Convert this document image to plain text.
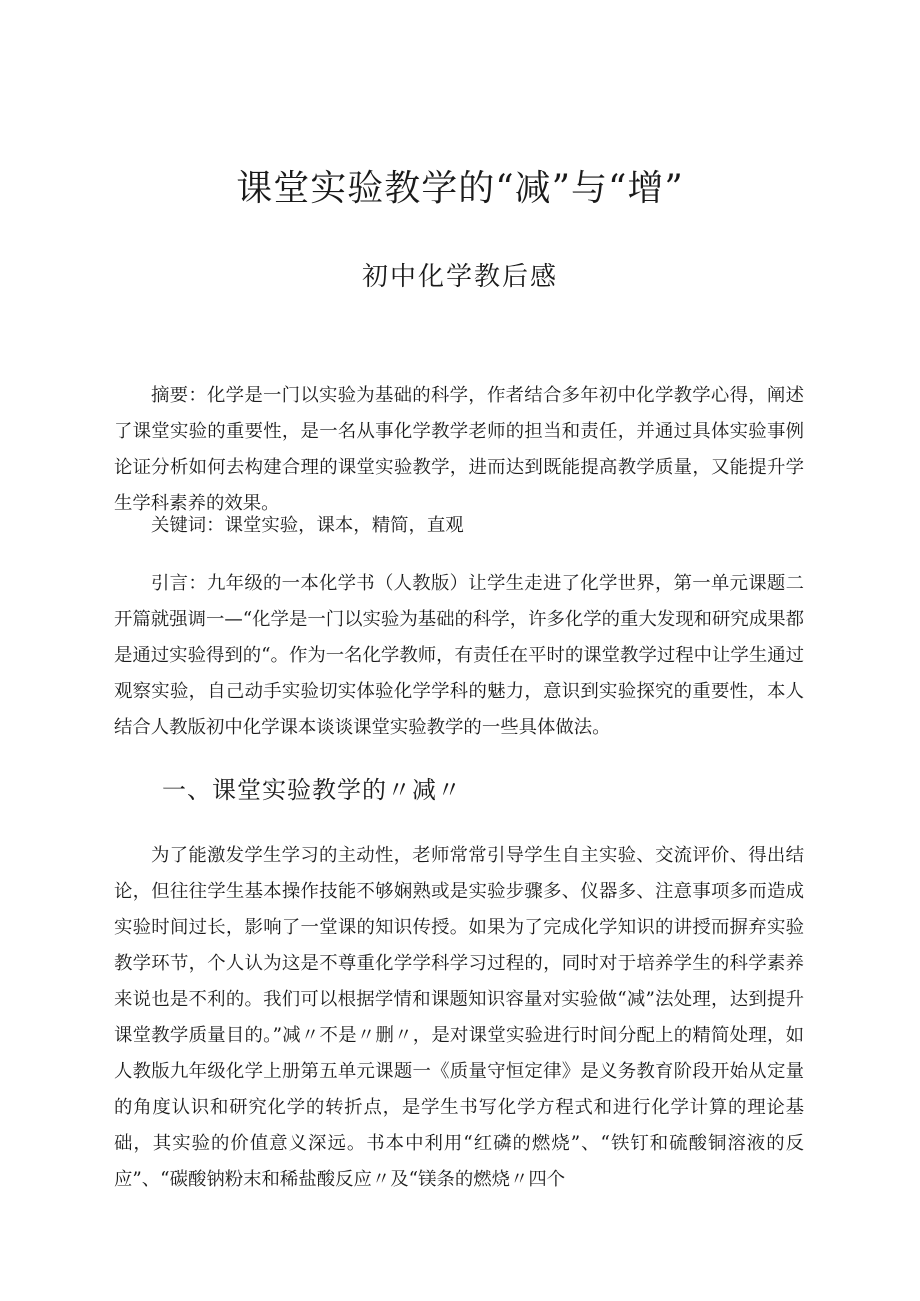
课堂实验教学的“减”与“增”
初中化学教后感

摘要：化学是一门以实验为基础的科学，作者结合多年初中化学教学心得，阐述了课堂实验的重要性，是一名从事化学教学老师的担当和责任，并通过具体实验事例论证分析如何去构建合理的课堂实验教学，进而达到既能提高教学质量，又能提升学生学科素养的效果。

关键词：课堂实验，课本，精简，直观

引言：九年级的一本化学书（人教版）让学生走进了化学世界，第一单元课题二开篇就强调一—“化学是一门以实验为基础的科学，许多化学的重大发现和研究成果都是通过实验得到的“。作为一名化学教师，有责任在平时的课堂教学过程中让学生通过观察实验，自己动手实验切实体验化学学科的魅力，意识到实验探究的重要性，本人结合人教版初中化学课本谈谈课堂实验教学的一些具体做法。

一、课堂实验教学的〃减〃

为了能激发学生学习的主动性，老师常常引导学生自主实验、交流评价、得出结论，但往往学生基本操作技能不够娴熟或是实验步骤多、仪器多、注意事项多而造成实验时间过长，影响了一堂课的知识传授。如果为了完成化学知识的讲授而摒弃实验教学环节，个人认为这是不尊重化学学科学习过程的，同时对于培养学生的科学素养来说也是不利的。我们可以根据学情和课题知识容量对实验做“减”法处理，达到提升课堂教学质量目的。”减〃不是〃删〃，是对课堂实验进行时间分配上的精简处理，如人教版九年级化学上册第五单元课题一《质量守恒定律》是义务教育阶段开始从定量的角度认识和研究化学的转折点，是学生书写化学方程式和进行化学计算的理论基础，其实验的价值意义深远。书本中利用“红磷的燃烧”、“铁钉和硫酸铜溶液的反应”、“碳酸钠粉末和稀盐酸反应〃及“镁条的燃烧〃四个
